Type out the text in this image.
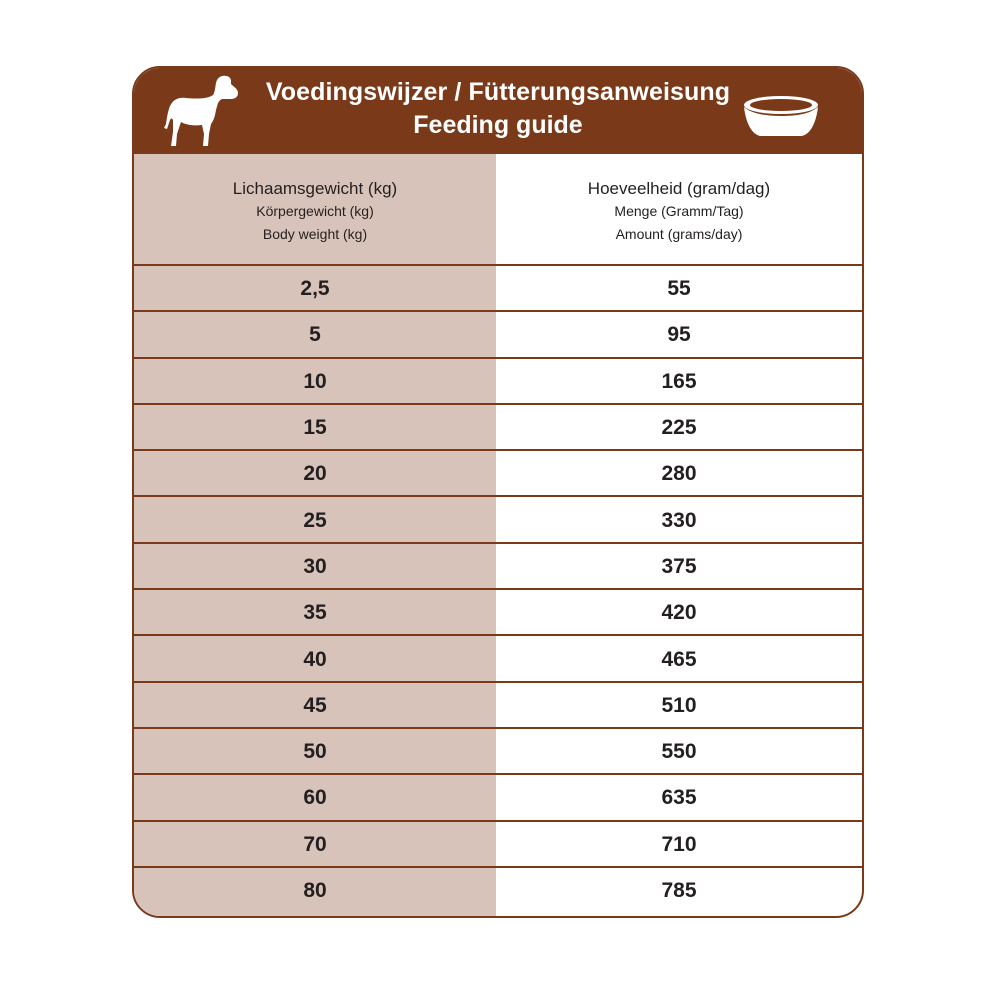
Voedingswijzer / Fütterungsanweisung
Feeding guide
Lichaamsgewicht (kg)
Körpergewicht (kg)
Body weight (kg)
Hoeveelheid (gram/dag)
Menge (Gramm/Tag)
Amount (grams/day)
2,5	55
5	95
10	165
15	225
20	280
25	330
30	375
35	420
40	465
45	510
50	550
60	635
70	710
80	785
